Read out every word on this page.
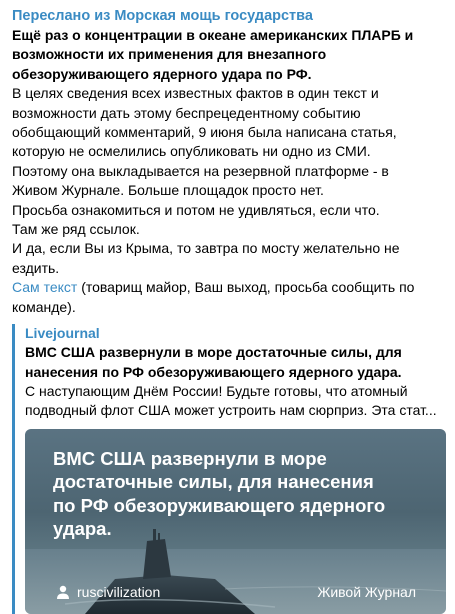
Переслано из Морская мощь государства

Ещё раз о концентрации в океане американских ПЛАРБ и

возможности их применения для внезапного

обезоруживающего ядерного удара по РФ.

В целях сведения всех известных фактов в один текст и

возможности дать этому беспрецедентному событию

обобщающий комментарий, 9 июня была написана статья,

которую не осмелились опубликовать ни одно из СМИ.

Поэтому она выкладывается на резервной платформе - в

Живом Журнале. Больше площадок просто нет.

Просьба ознакомиться и потом не удивляться, если что.

Там же ряд ссылок.

И да, если Вы из Крыма, то завтра по мосту желательно не

ездить.

Сам текст (товарищ майор, Ваш выход, просьба сообщить по

команде).

Livejournal
ВМС США развернули в море достаточные силы, для
нанесения по РФ обезоруживающего ядерного удара.
С наступающим Днём России! Будьте готовы, что атомный
подводный флот США может устроить нам сюрприз. Эта стат...
ВМС США развернули в море
достаточные силы, для нанесения
по РФ обезоруживающего ядерного
удара.
ruscivilization	Живой Журнал
